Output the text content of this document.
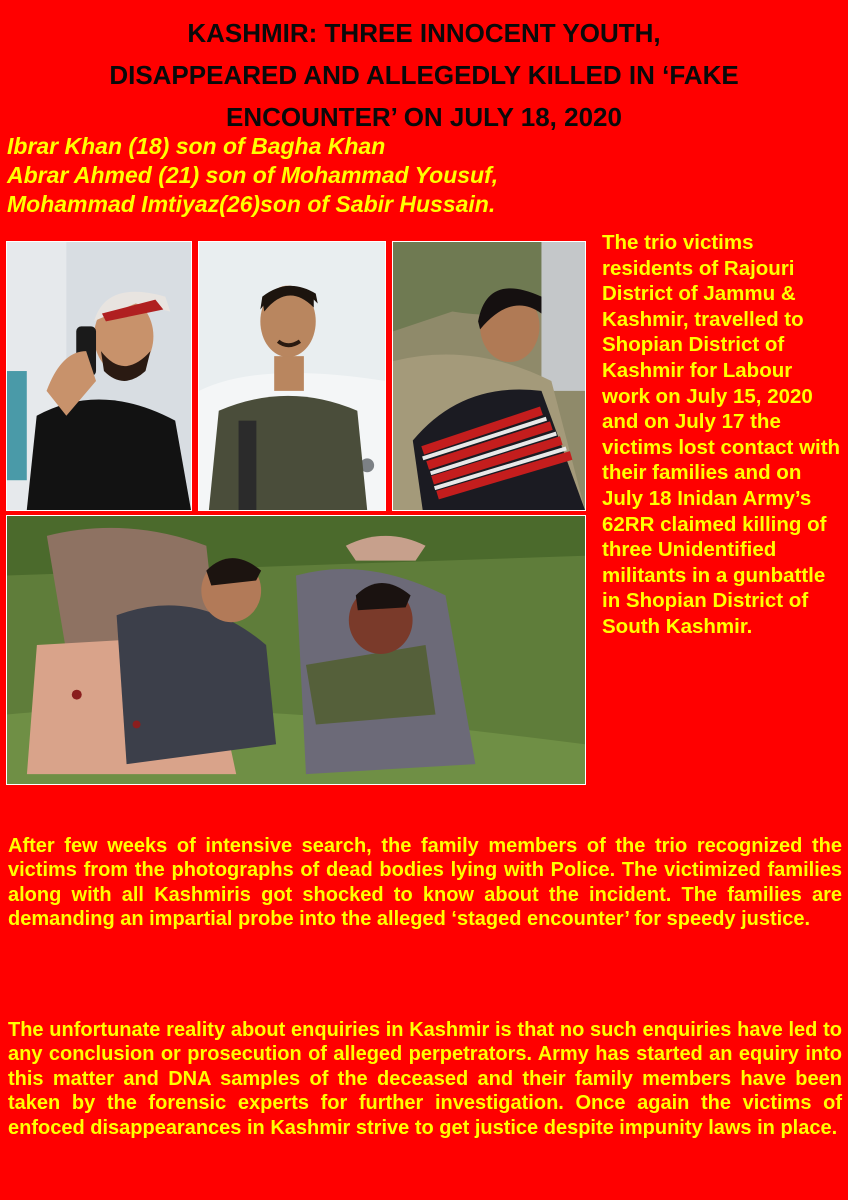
KASHMIR: THREE INNOCENT YOUTH,
DISAPPEARED AND ALLEGEDLY KILLED IN ‘FAKE
ENCOUNTER’ ON JULY 18, 2020
Ibrar Khan (18) son of Bagha Khan
Abrar Ahmed (21) son of Mohammad Yousuf,
Mohammad Imtiyaz(26)son of Sabir Hussain.

The trio victims residents of Rajouri District of Jammu & Kashmir, travelled to Shopian District of Kashmir for Labour work on July 15, 2020 and on July 17 the victims lost contact with their families and on July 18 Inidan Army’s 62RR claimed killing of three Unidentified militants in a gunbattle in Shopian District of South Kashmir.

After few weeks of intensive search, the family members of the trio recognized the victims from the photographs of dead bodies lying with Police. The victimized families along with all Kashmiris got shocked to know about the incident. The families are demanding an impartial probe into the alleged ‘staged encounter’ for speedy justice.

The unfortunate reality about enquiries in Kashmir is that no such enquiries have led to any conclusion or prosecution of alleged perpetrators. Army has started an equiry into this matter and DNA samples of the deceased and their family members have been taken by the forensic experts for further investigation. Once again the victims of enfoced disappearances in Kashmir strive to get justice despite impunity laws in place.
